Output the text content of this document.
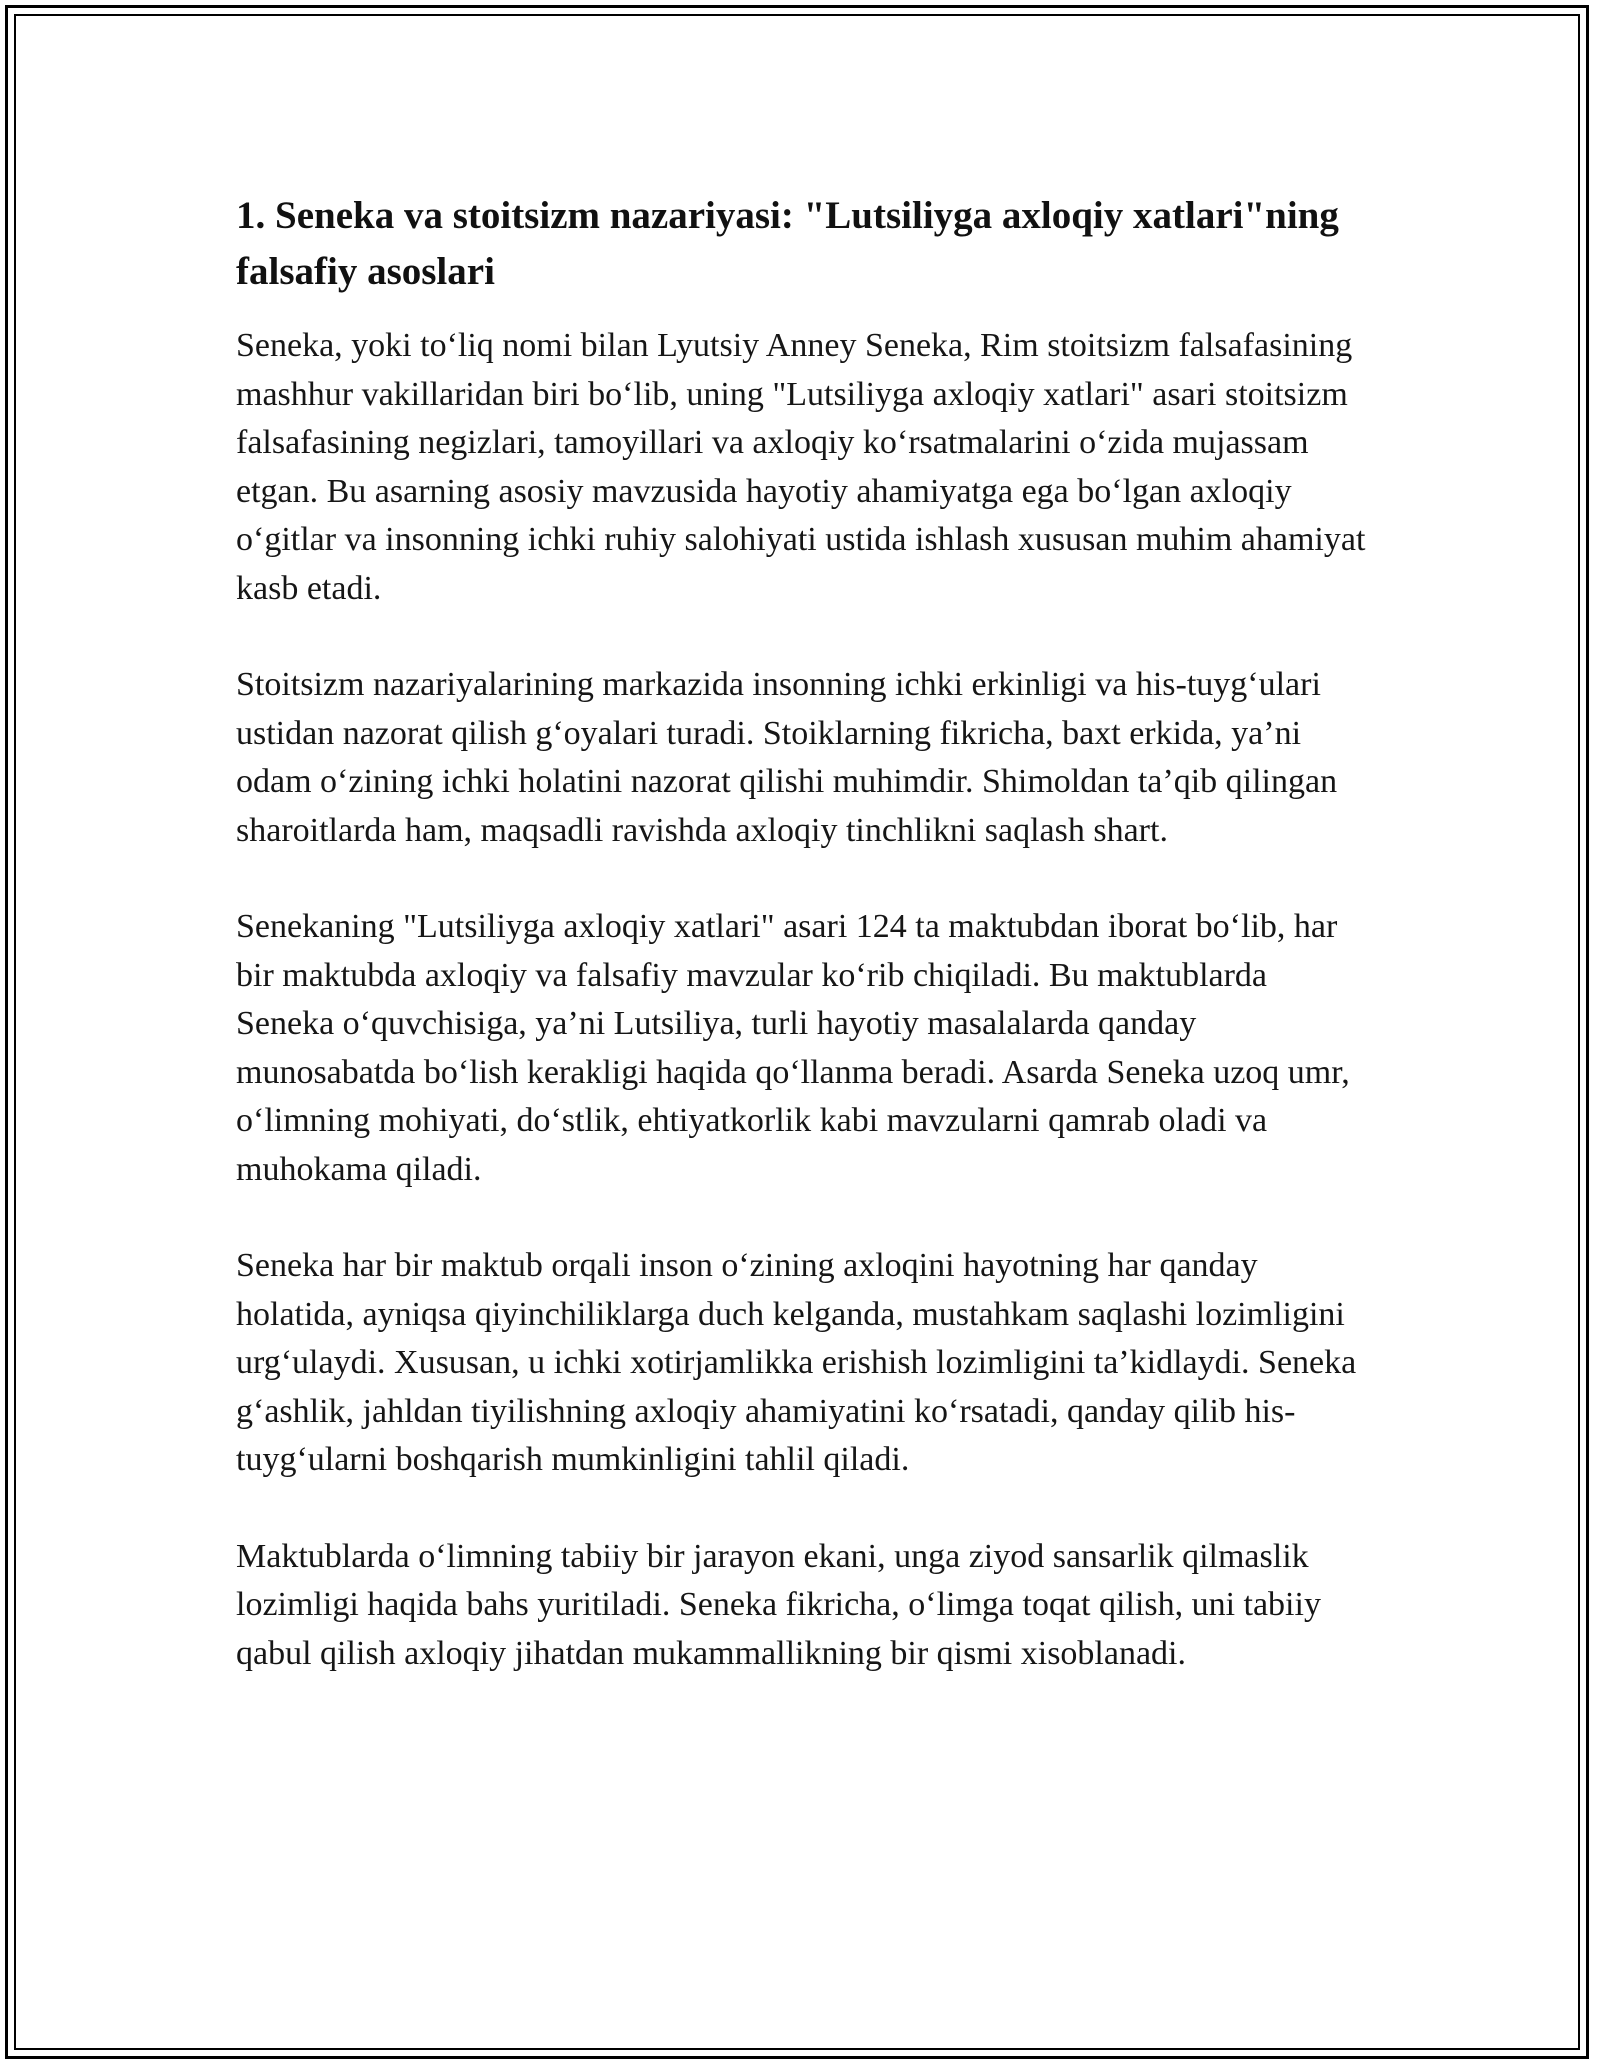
1. Seneka va stoitsizm nazariyasi: "Lutsiliyga axloqiy xatlari"ning falsafiy asoslari

Seneka, yoki to‘liq nomi bilan Lyutsiy Anney Seneka, Rim stoitsizm falsafasining mashhur vakillaridan biri bo‘lib, uning "Lutsiliyga axloqiy xatlari" asari stoitsizm falsafasining negizlari, tamoyillari va axloqiy ko‘rsatmalarini o‘zida mujassam etgan. Bu asarning asosiy mavzusida hayotiy ahamiyatga ega bo‘lgan axloqiy o‘gitlar va insonning ichki ruhiy salohiyati ustida ishlash xususan muhim ahamiyat kasb etadi.

Stoitsizm nazariyalarining markazida insonning ichki erkinligi va his-tuyg‘ulari ustidan nazorat qilish g‘oyalari turadi. Stoiklarning fikricha, baxt erkida, ya’ni odam o‘zining ichki holatini nazorat qilishi muhimdir. Shimoldan ta’qib qilingan sharoitlarda ham, maqsadli ravishda axloqiy tinchlikni saqlash shart.

Senekaning "Lutsiliyga axloqiy xatlari" asari 124 ta maktubdan iborat bo‘lib, har bir maktubda axloqiy va falsafiy mavzular ko‘rib chiqiladi. Bu maktublarda Seneka o‘quvchisiga, ya’ni Lutsiliya, turli hayotiy masalalarda qanday munosabatda bo‘lish kerakligi haqida qo‘llanma beradi. Asarda Seneka uzoq umr, o‘limning mohiyati, do‘stlik, ehtiyatkorlik kabi mavzularni qamrab oladi va muhokama qiladi.

Seneka har bir maktub orqali inson o‘zining axloqini hayotning har qanday holatida, ayniqsa qiyinchiliklarga duch kelganda, mustahkam saqlashi lozimligini urg‘ulaydi. Xususan, u ichki xotirjamlikka erishish lozimligini ta’kidlaydi. Seneka g‘ashlik, jahldan tiyilishning axloqiy ahamiyatini ko‘rsatadi, qanday qilib his-tuyg‘ularni boshqarish mumkinligini tahlil qiladi.

Maktublarda o‘limning tabiiy bir jarayon ekani, unga ziyod sansarlik qilmaslik lozimligi haqida bahs yuritiladi. Seneka fikricha, o‘limga toqat qilish, uni tabiiy qabul qilish axloqiy jihatdan mukammallikning bir qismi xisoblanadi.
